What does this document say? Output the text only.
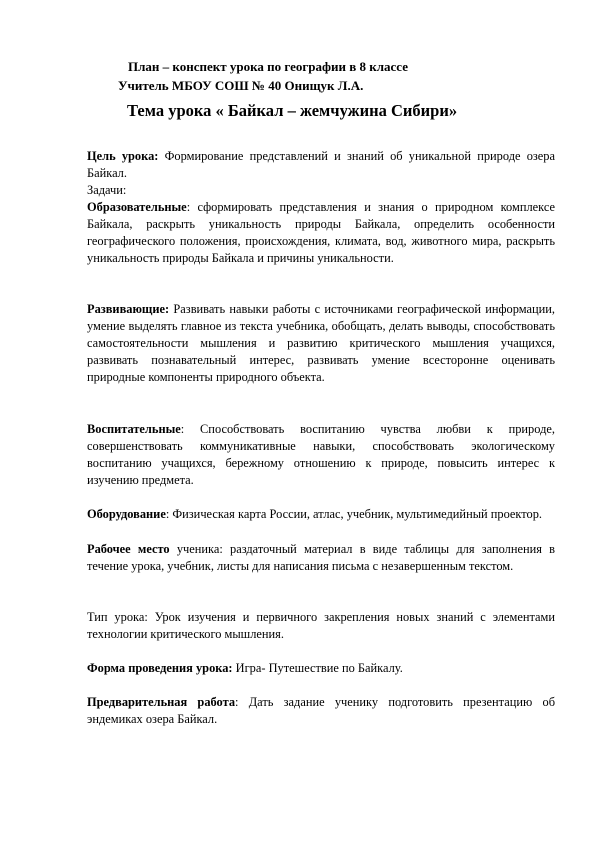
План – конспект урока по географии в 8 классе
Учитель МБОУ СОШ № 40 Онищук Л.А.
Тема урока « Байкал – жемчужина Сибири»
Цель урока: Формирование представлений и знаний об уникальной природе озера Байкал.
Задачи:
Образовательные: сформировать представления и знания о природном комплексе Байкала, раскрыть уникальность природы Байкала, определить особенности географического положения, происхождения, климата, вод, животного мира, раскрыть уникальность природы Байкала и причины уникальности.
Развивающие: Развивать навыки работы с источниками географической информации, умение выделять главное из текста учебника, обобщать, делать выводы, способствовать самостоятельности мышления и развитию критического мышления учащихся, развивать познавательный интерес, развивать умение всесторонне оценивать природные компоненты природного объекта.
Воспитательные: Способствовать воспитанию чувства любви к природе, совершенствовать коммуникативные навыки, способствовать экологическому воспитанию учащихся, бережному отношению к природе, повысить интерес к изучению предмета.
Оборудование: Физическая карта России, атлас, учебник, мультимедийный проектор.
Рабочее место ученика: раздаточный материал в виде таблицы для заполнения в течение урока, учебник, листы для написания письма с незавершенным текстом.
Тип урока: Урок изучения и первичного закрепления новых знаний с элементами технологии критического мышления.
Форма проведения урока: Игра- Путешествие по Байкалу.
Предварительная работа: Дать задание ученику подготовить презентацию об эндемиках озера Байкал.
